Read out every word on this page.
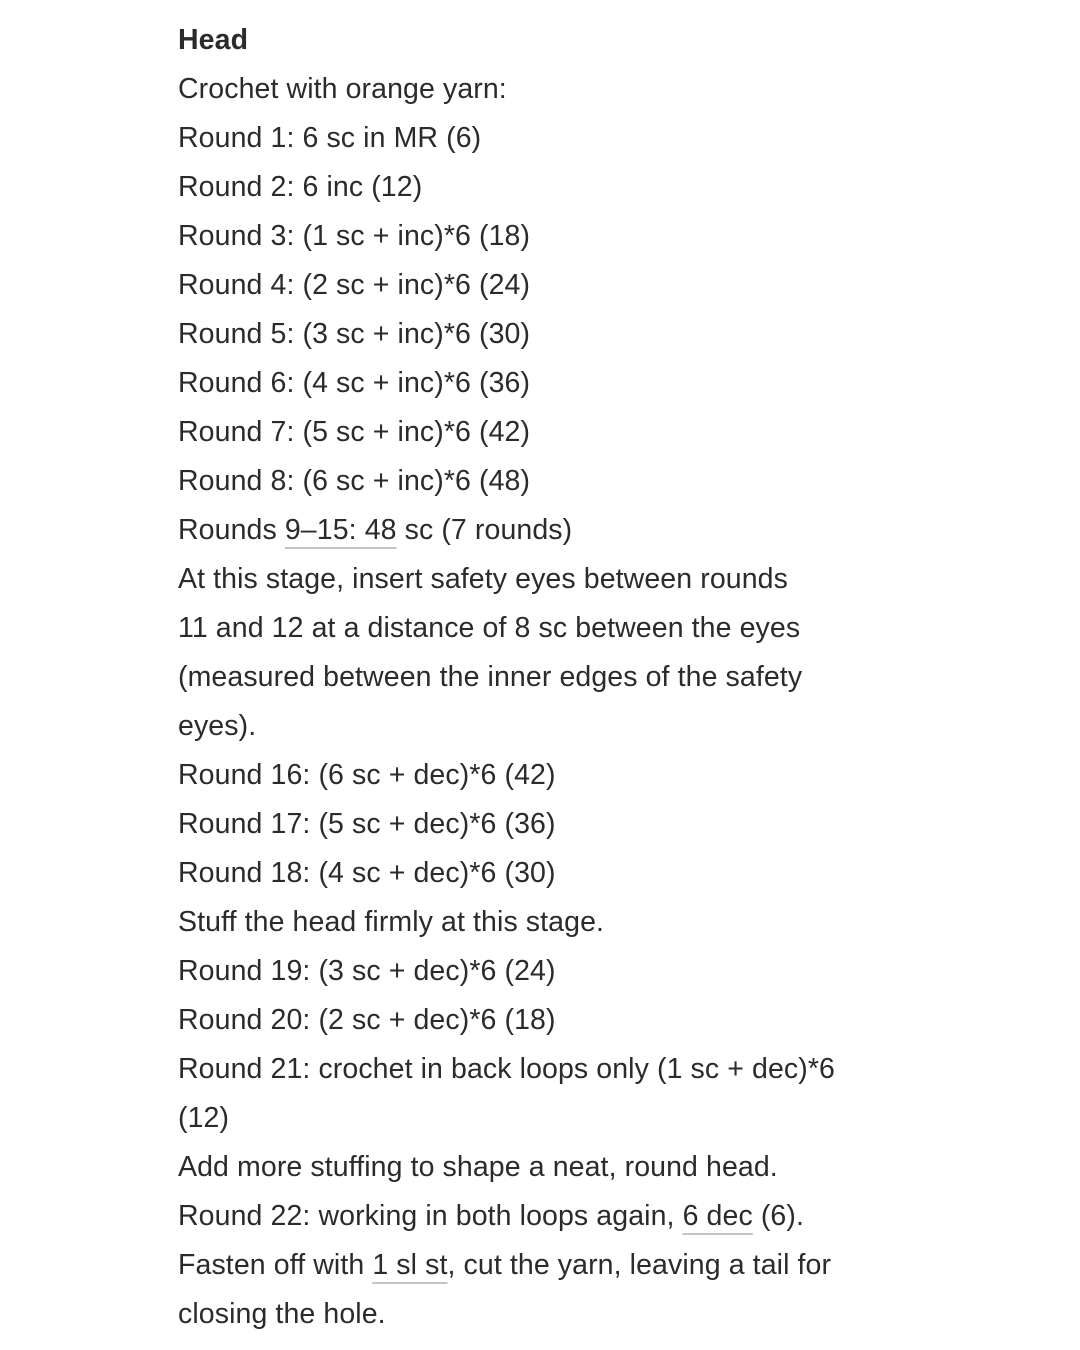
Head
Crochet with orange yarn:
Round 1: 6 sc in MR (6)
Round 2: 6 inc (12)
Round 3: (1 sc + inc)*6 (18)
Round 4: (2 sc + inc)*6 (24)
Round 5: (3 sc + inc)*6 (30)
Round 6: (4 sc + inc)*6 (36)
Round 7: (5 sc + inc)*6 (42)
Round 8: (6 sc + inc)*6 (48)
Rounds 9–15: 48 sc (7 rounds)
At this stage, insert safety eyes between rounds
11 and 12 at a distance of 8 sc between the eyes
(measured between the inner edges of the safety
eyes).
Round 16: (6 sc + dec)*6 (42)
Round 17: (5 sc + dec)*6 (36)
Round 18: (4 sc + dec)*6 (30)
Stuff the head firmly at this stage.
Round 19: (3 sc + dec)*6 (24)
Round 20: (2 sc + dec)*6 (18)
Round 21: crochet in back loops only (1 sc + dec)*6
(12)
Add more stuffing to shape a neat, round head.
Round 22: working in both loops again, 6 dec (6).
Fasten off with 1 sl st, cut the yarn, leaving a tail for
closing the hole.
